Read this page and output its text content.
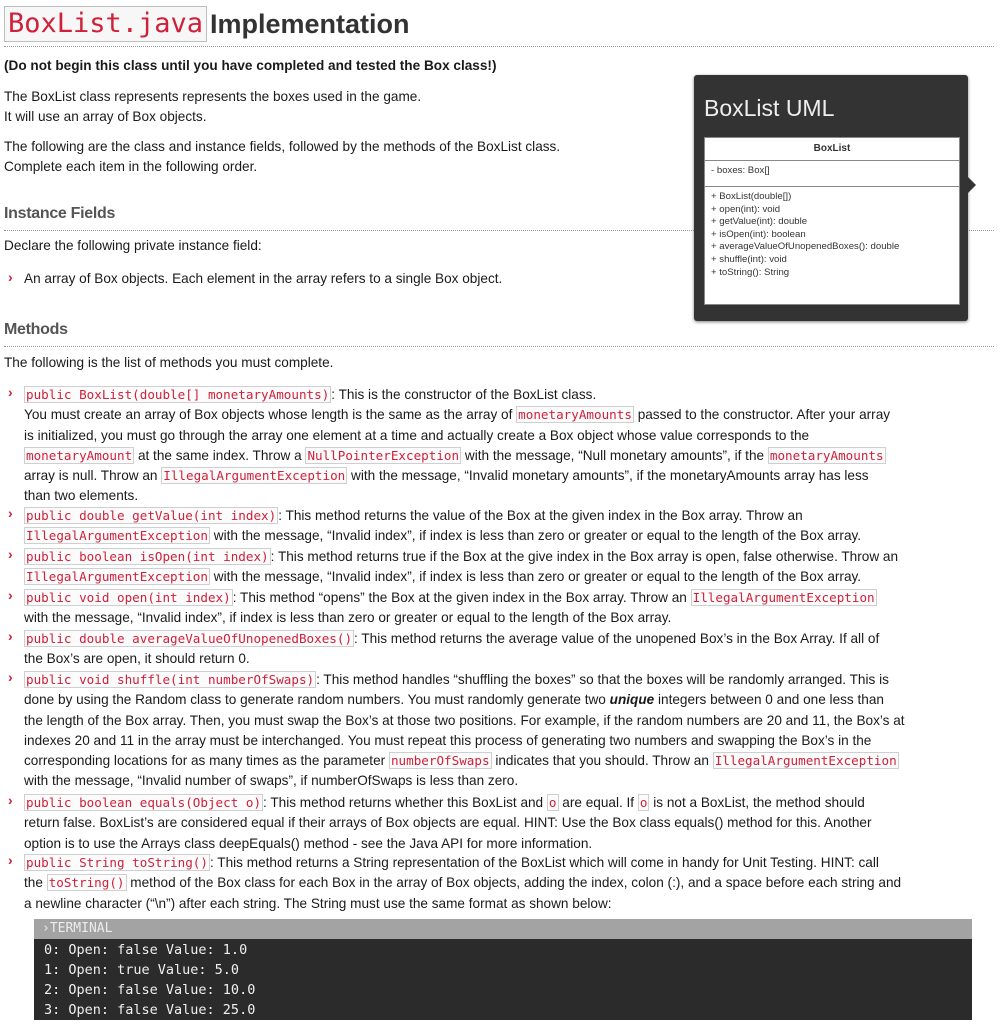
BoxList.java Implementation
(Do not begin this class until you have completed and tested the Box class!)
The BoxList class represents represents the boxes used in the game.
It will use an array of Box objects.
The following are the class and instance fields, followed by the methods of the BoxList class.
Complete each item in the following order.
Instance Fields
Declare the following private instance field:
› An array of Box objects. Each element in the array refers to a single Box object.
BoxList UML
BoxList
- boxes: Box[]
+ BoxList(double[])
+ open(int): void
+ getValue(int): double
+ isOpen(int): boolean
+ averageValueOfUnopenedBoxes(): double
+ shuffle(int): void
+ toString(): String
Methods
The following is the list of methods you must complete.
› public BoxList(double[] monetaryAmounts) : This is the constructor of the BoxList class.
You must create an array of Box objects whose length is the same as the array of monetaryAmounts passed to the constructor. After your array
is initialized, you must go through the array one element at a time and actually create a Box object whose value corresponds to the
monetaryAmount at the same index. Throw a NullPointerException with the message, “Null monetary amounts”, if the monetaryAmounts
array is null. Throw an IllegalArgumentException with the message, “Invalid monetary amounts”, if the monetaryAmounts array has less
than two elements.
› public double getValue(int index) : This method returns the value of the Box at the given index in the Box array. Throw an
IllegalArgumentException with the message, “Invalid index”, if index is less than zero or greater or equal to the length of the Box array.
› public boolean isOpen(int index) : This method returns true if the Box at the give index in the Box array is open, false otherwise. Throw an
IllegalArgumentException with the message, “Invalid index”, if index is less than zero or greater or equal to the length of the Box array.
› public void open(int index) : This method “opens” the Box at the given index in the Box array. Throw an IllegalArgumentException
with the message, “Invalid index”, if index is less than zero or greater or equal to the length of the Box array.
› public double averageValueOfUnopenedBoxes() : This method returns the average value of the unopened Box’s in the Box Array. If all of
the Box’s are open, it should return 0.
› public void shuffle(int numberOfSwaps) : This method handles “shuffling the boxes” so that the boxes will be randomly arranged. This is
done by using the Random class to generate random numbers. You must randomly generate two unique integers between 0 and one less than
the length of the Box array. Then, you must swap the Box’s at those two positions. For example, if the random numbers are 20 and 11, the Box’s at
indexes 20 and 11 in the array must be interchanged. You must repeat this process of generating two numbers and swapping the Box’s in the
corresponding locations for as many times as the parameter numberOfSwaps indicates that you should. Throw an IllegalArgumentException
with the message, “Invalid number of swaps”, if numberOfSwaps is less than zero.
› public boolean equals(Object o) : This method returns whether this BoxList and o are equal. If o is not a BoxList, the method should
return false. BoxList’s are considered equal if their arrays of Box objects are equal. HINT: Use the Box class equals() method for this. Another
option is to use the Arrays class deepEquals() method - see the Java API for more information.
› public String toString() : This method returns a String representation of the BoxList which will come in handy for Unit Testing. HINT: call
the toString() method of the Box class for each Box in the array of Box objects, adding the index, colon (:), and a space before each string and
a newline character (“\n”) after each string. The String must use the same format as shown below:
›TERMINAL
0: Open: false Value: 1.0
1: Open: true Value: 5.0
2: Open: false Value: 10.0
3: Open: false Value: 25.0
